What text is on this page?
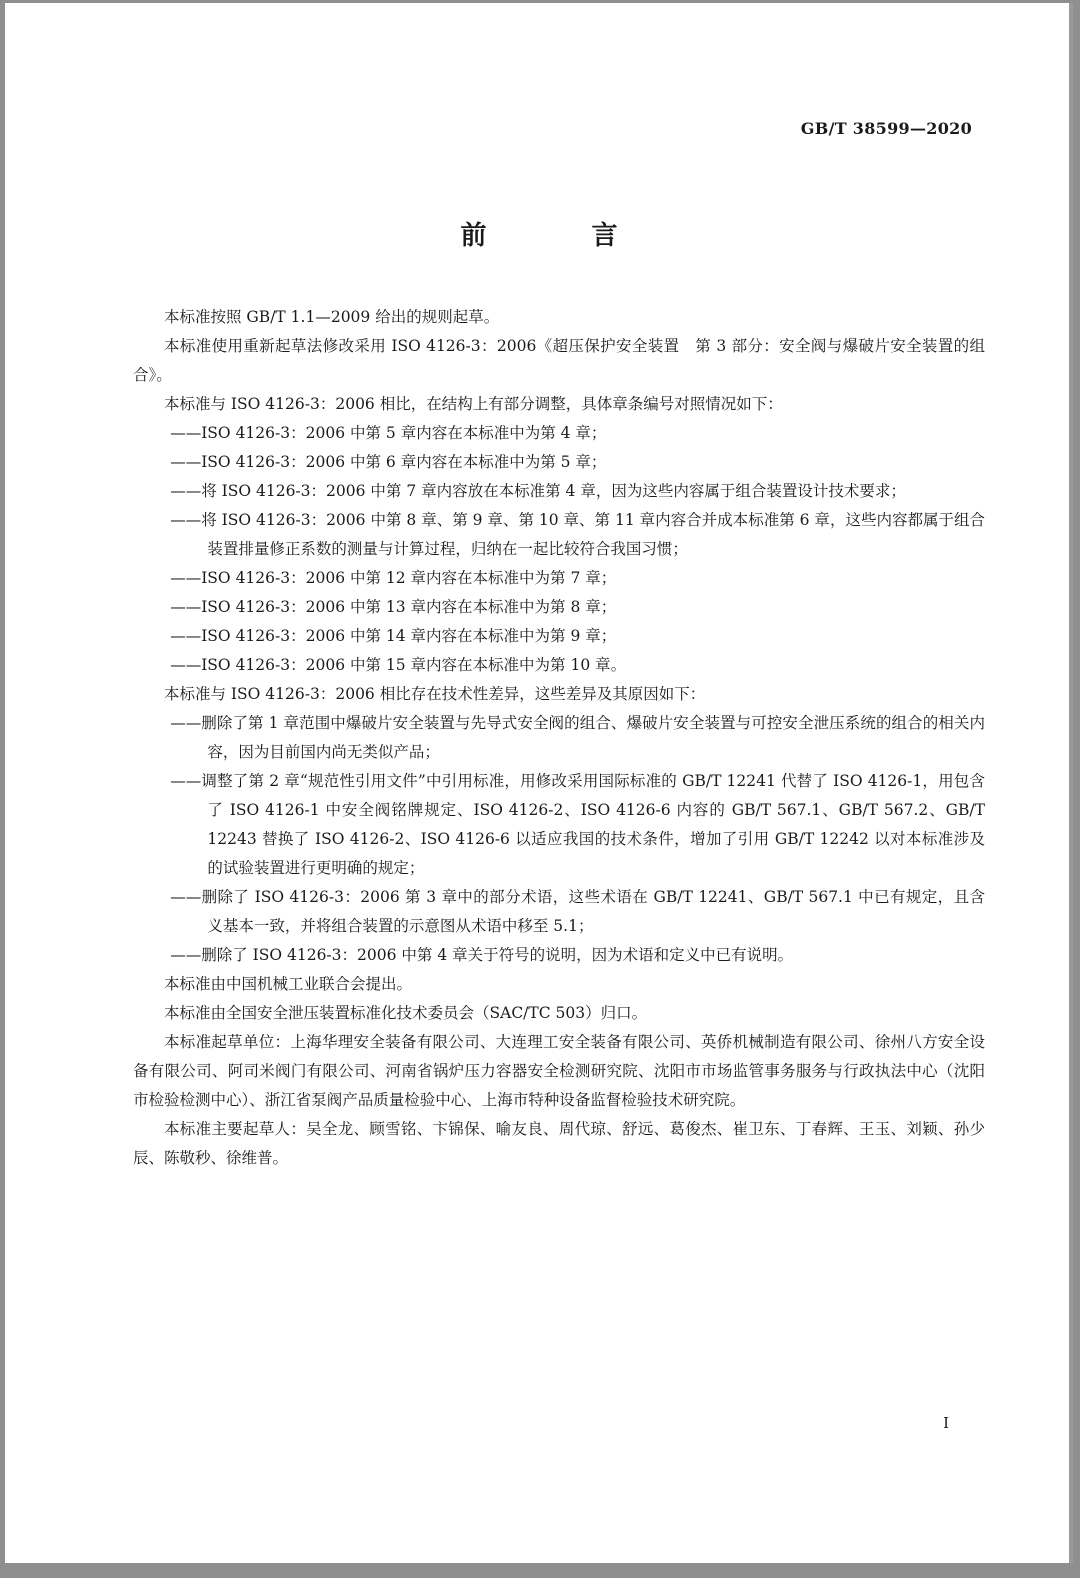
GB/T 38599—2020
前 言

本标准按照 GB/T 1.1—2009 给出的规则起草。

本标准使用重新起草法修改采用 ISO 4126-3：2006《超压保护安全装置　第 3 部分：安全阀与爆破片安全装置的组合》。

本标准与 ISO 4126-3：2006 相比，在结构上有部分调整，具体章条编号对照情况如下：

——ISO 4126-3：2006 中第 5 章内容在本标准中为第 4 章；

——ISO 4126-3：2006 中第 6 章内容在本标准中为第 5 章；

——将 ISO 4126-3：2006 中第 7 章内容放在本标准第 4 章，因为这些内容属于组合装置设计技术要求；

——将 ISO 4126-3：2006 中第 8 章、第 9 章、第 10 章、第 11 章内容合并成本标准第 6 章，这些内容都属于组合装置排量修正系数的测量与计算过程，归纳在一起比较符合我国习惯；

——ISO 4126-3：2006 中第 12 章内容在本标准中为第 7 章；

——ISO 4126-3：2006 中第 13 章内容在本标准中为第 8 章；

——ISO 4126-3：2006 中第 14 章内容在本标准中为第 9 章；

——ISO 4126-3：2006 中第 15 章内容在本标准中为第 10 章。

本标准与 ISO 4126-3：2006 相比存在技术性差异，这些差异及其原因如下：

——删除了第 1 章范围中爆破片安全装置与先导式安全阀的组合、爆破片安全装置与可控安全泄压系统的组合的相关内容，因为目前国内尚无类似产品；

——调整了第 2 章“规范性引用文件”中引用标准，用修改采用国际标准的 GB/T 12241 代替了 ISO 4126-1，用包含了 ISO 4126-1 中安全阀铭牌规定、ISO 4126-2、ISO 4126-6 内容的 GB/T 567.1、GB/T 567.2、GB/T 12243 替换了 ISO 4126-2、ISO 4126-6 以适应我国的技术条件，增加了引用 GB/T 12242 以对本标准涉及的试验装置进行更明确的规定；

——删除了 ISO 4126-3：2006 第 3 章中的部分术语，这些术语在 GB/T 12241、GB/T 567.1 中已有规定，且含义基本一致，并将组合装置的示意图从术语中移至 5.1；

——删除了 ISO 4126-3：2006 中第 4 章关于符号的说明，因为术语和定义中已有说明。

本标准由中国机械工业联合会提出。

本标准由全国安全泄压装置标准化技术委员会（SAC/TC 503）归口。

本标准起草单位：上海华理安全装备有限公司、大连理工安全装备有限公司、英侨机械制造有限公司、徐州八方安全设备有限公司、阿司米阀门有限公司、河南省锅炉压力容器安全检测研究院、沈阳市市场监管事务服务与行政执法中心（沈阳市检验检测中心）、浙江省泵阀产品质量检验中心、上海市特种设备监督检验技术研究院。

本标准主要起草人：吴全龙、顾雪铭、卞锦保、喻友良、周代琼、舒远、葛俊杰、崔卫东、丁春辉、王玉、刘颖、孙少辰、陈敬秒、徐维普。

I
